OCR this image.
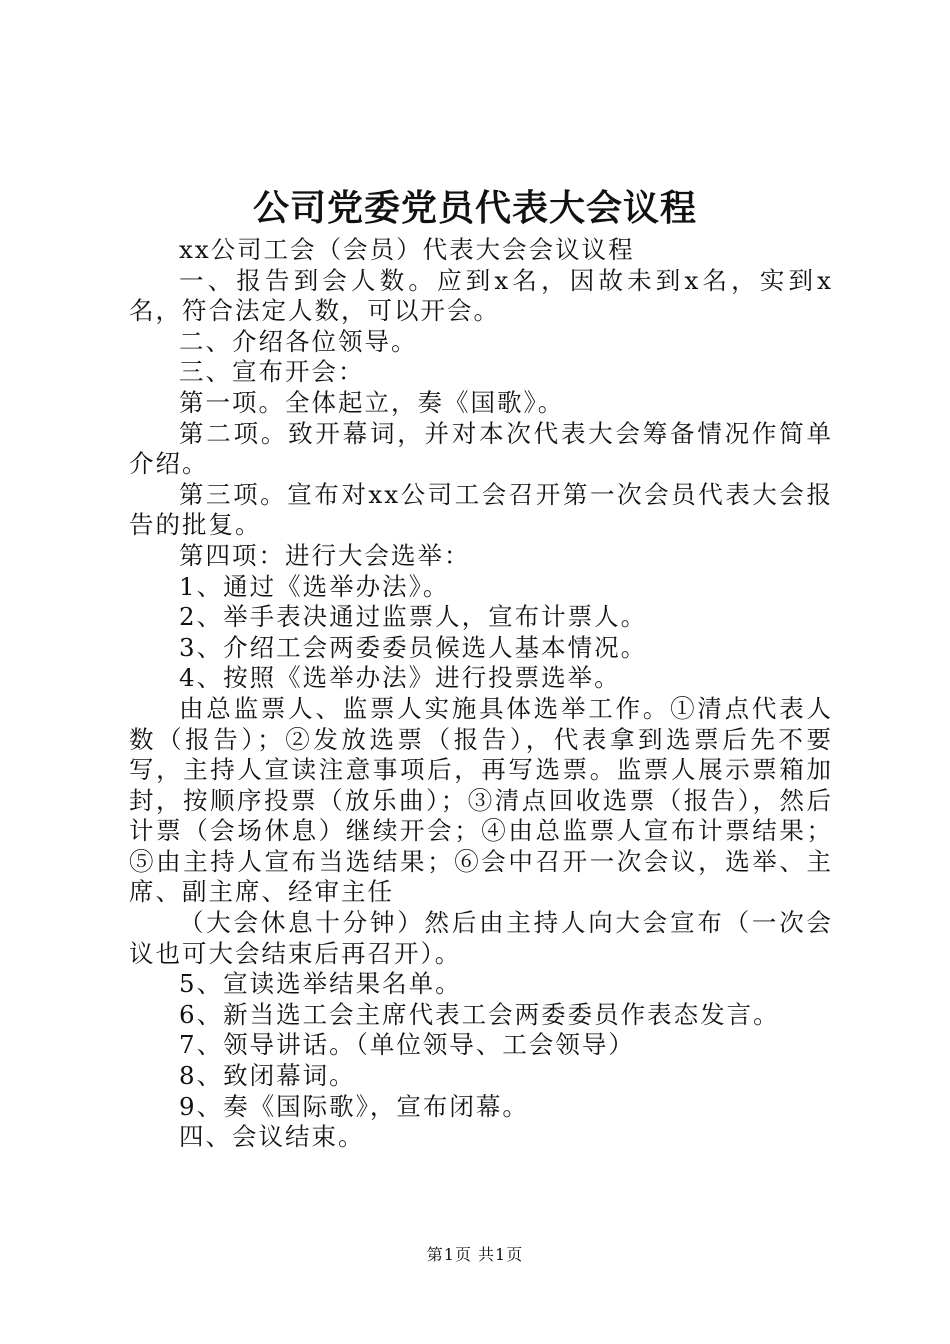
公司党委党员代表大会议程

xx公司工会（会员）代表大会会议议程

一、报告到会人数。应到x名，因故未到x名，实到x名，符合法定人数，可以开会。

二、介绍各位领导。

三、宣布开会：

第一项。全体起立，奏《国歌》。

第二项。致开幕词，并对本次代表大会筹备情况作简单介绍。

第三项。宣布对xx公司工会召开第一次会员代表大会报告的批复。

第四项：进行大会选举：

1、通过《选举办法》。

2、举手表决通过监票人，宣布计票人。

3、介绍工会两委委员候选人基本情况。

4、按照《选举办法》进行投票选举。

由总监票人、监票人实施具体选举工作。①清点代表人数（报告）；②发放选票（报告），代表拿到选票后先不要写，主持人宣读注意事项后，再写选票。监票人展示票箱加封，按顺序投票（放乐曲）；③清点回收选票（报告），然后计票（会场休息）继续开会；④由总监票人宣布计票结果；⑤由主持人宣布当选结果；⑥会中召开一次会议，选举、主席、副主席、经审主任

（大会休息十分钟）然后由主持人向大会宣布（一次会议也可大会结束后再召开）。

5、宣读选举结果名单。

6、新当选工会主席代表工会两委委员作表态发言。

7、领导讲话。（单位领导、工会领导）

8、致闭幕词。

9、奏《国际歌》，宣布闭幕。

四、会议结束。

第1页 共1页
